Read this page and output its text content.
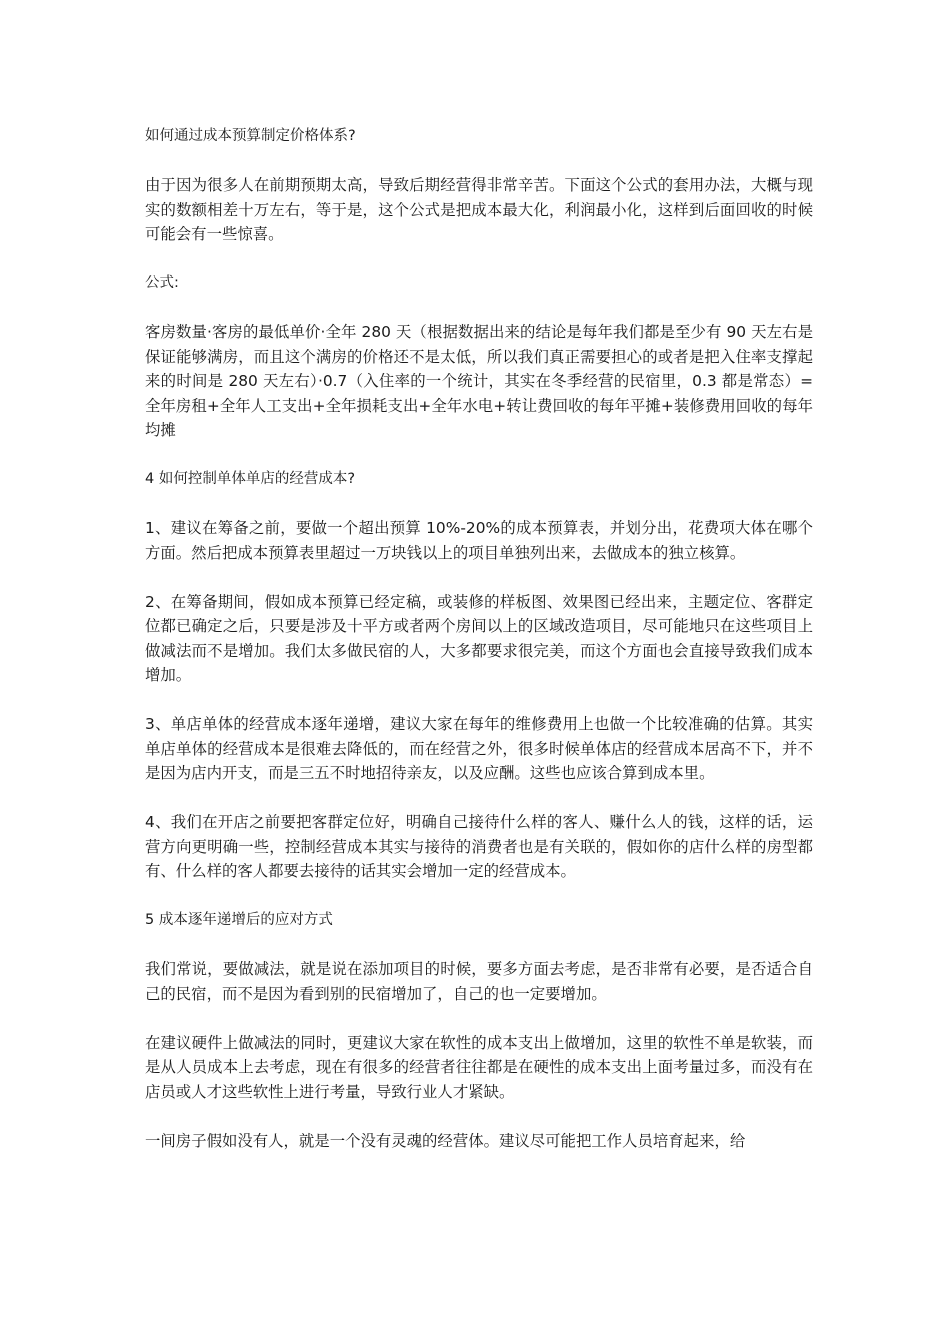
如何通过成本预算制定价格体系?

由于因为很多人在前期预期太高，导致后期经营得非常辛苦。下面这个公式的套用办法，大概与现实的数额相差十万左右，等于是，这个公式是把成本最大化，利润最小化，这样到后面回收的时候可能会有一些惊喜。

公式:

客房数量·客房的最低单价·全年 280 天（根据数据出来的结论是每年我们都是至少有 90 天左右是保证能够满房，而且这个满房的价格还不是太低，所以我们真正需要担心的或者是把入住率支撑起来的时间是 280 天左右）·0.7（入住率的一个统计，其实在冬季经营的民宿里，0.3 都是常态）=全年房租+全年人工支出+全年损耗支出+全年水电+转让费回收的每年平摊+装修费用回收的每年均摊

4 如何控制单体单店的经营成本?

1、建议在筹备之前，要做一个超出预算 10%-20%的成本预算表，并划分出，花费项大体在哪个方面。然后把成本预算表里超过一万块钱以上的项目单独列出来，去做成本的独立核算。

2、在筹备期间，假如成本预算已经定稿，或装修的样板图、效果图已经出来，主题定位、客群定位都已确定之后，只要是涉及十平方或者两个房间以上的区域改造项目，尽可能地只在这些项目上做减法而不是增加。我们太多做民宿的人，大多都要求很完美，而这个方面也会直接导致我们成本增加。

3、单店单体的经营成本逐年递增，建议大家在每年的维修费用上也做一个比较准确的估算。其实单店单体的经营成本是很难去降低的，而在经营之外，很多时候单体店的经营成本居高不下，并不是因为店内开支，而是三五不时地招待亲友，以及应酬。这些也应该合算到成本里。

4、我们在开店之前要把客群定位好，明确自己接待什么样的客人、赚什么人的钱，这样的话，运营方向更明确一些，控制经营成本其实与接待的消费者也是有关联的，假如你的店什么样的房型都有、什么样的客人都要去接待的话其实会增加一定的经营成本。

5 成本逐年递增后的应对方式

我们常说，要做减法，就是说在添加项目的时候，要多方面去考虑，是否非常有必要，是否适合自己的民宿，而不是因为看到别的民宿增加了，自己的也一定要增加。

在建议硬件上做减法的同时，更建议大家在软性的成本支出上做增加，这里的软性不单是软装，而是从人员成本上去考虑，现在有很多的经营者往往都是在硬性的成本支出上面考量过多，而没有在店员或人才这些软性上进行考量，导致行业人才紧缺。

一间房子假如没有人，就是一个没有灵魂的经营体。建议尽可能把工作人员培育起来，给
